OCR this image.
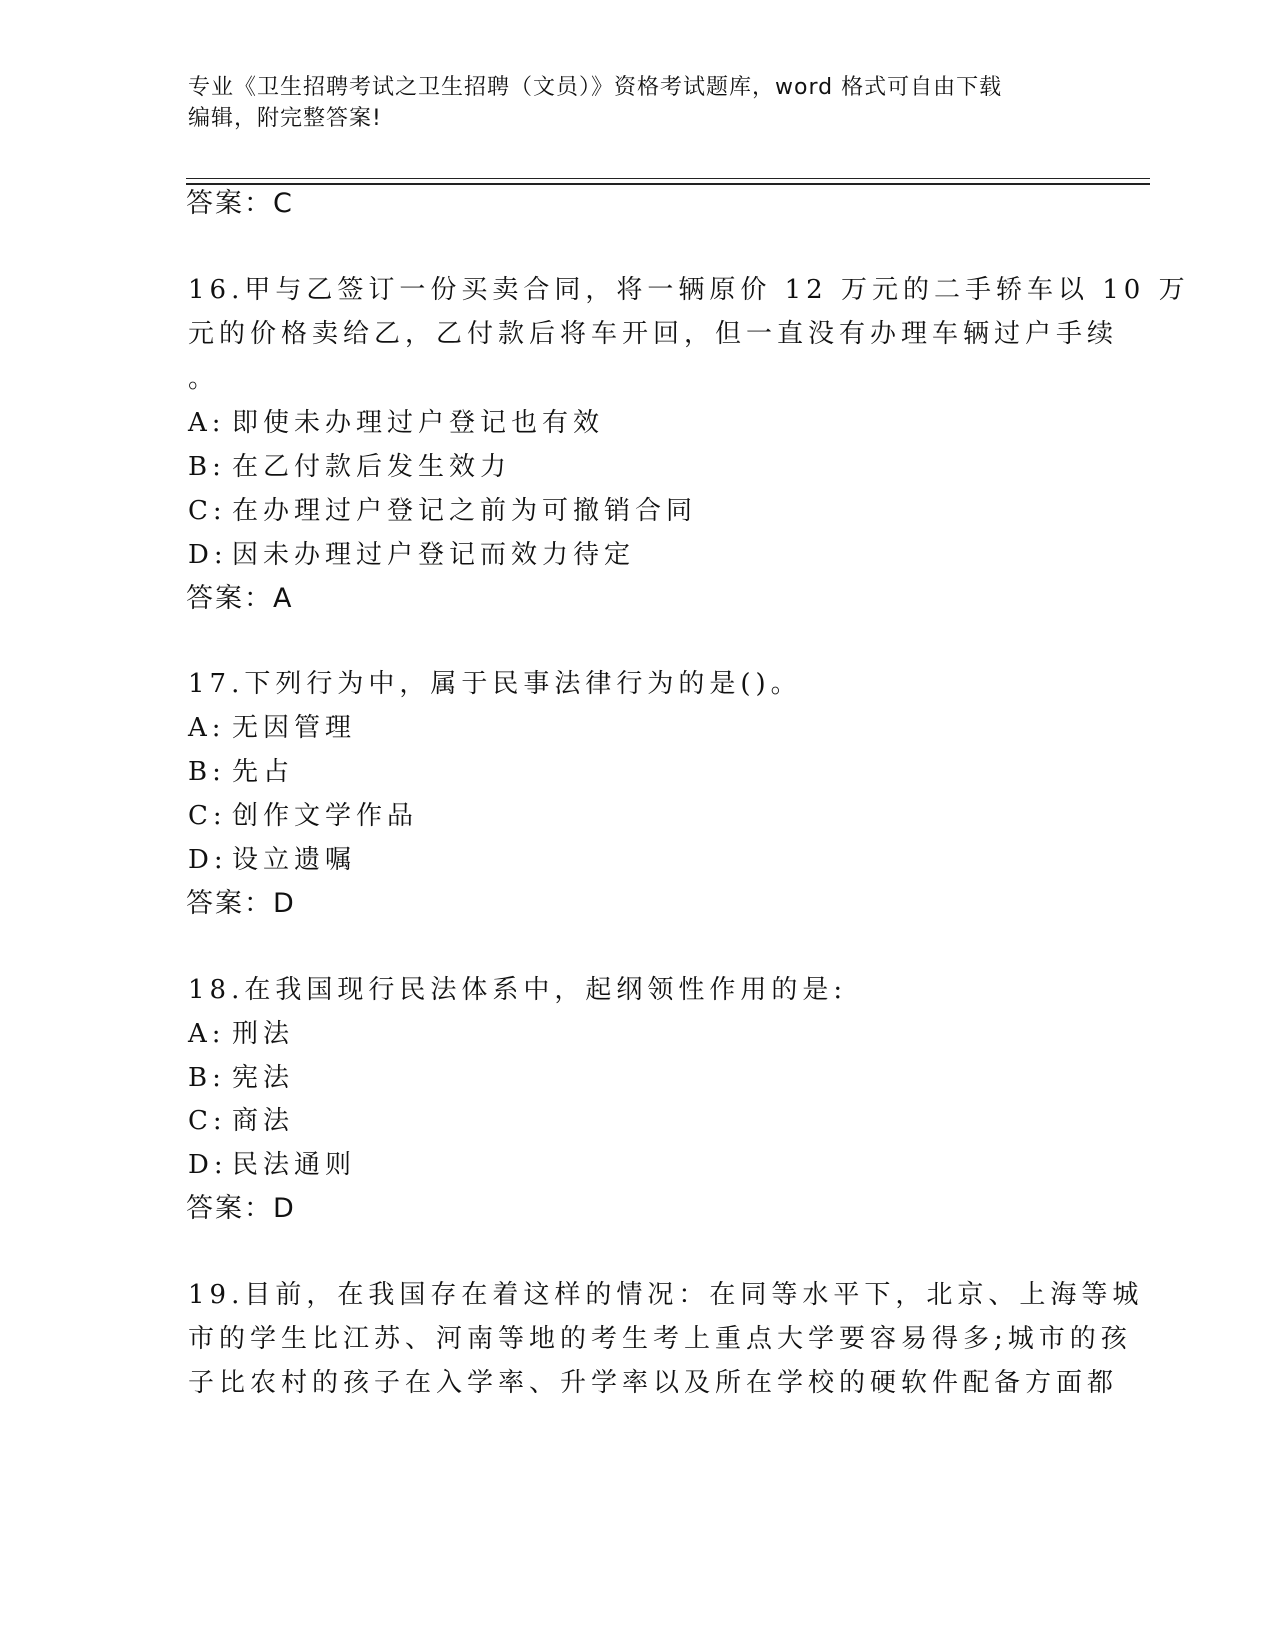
专业《卫生招聘考试之卫生招聘（文员）》资格考试题库，word 格式可自由下载
编辑，附完整答案!
答案：C
16.甲与乙签订一份买卖合同，将一辆原价 12 万元的二手轿车以 10 万
元的价格卖给乙，乙付款后将车开回，但一直没有办理车辆过户手续
。
A: 即使未办理过户登记也有效
B: 在乙付款后发生效力
C: 在办理过户登记之前为可撤销合同
D: 因未办理过户登记而效力待定
答案：A
17.下列行为中，属于民事法律行为的是()。
A: 无因管理
B: 先占
C: 创作文学作品
D: 设立遗嘱
答案：D
18.在我国现行民法体系中，起纲领性作用的是:
A: 刑法
B: 宪法
C: 商法
D: 民法通则
答案：D
19.目前，在我国存在着这样的情况：在同等水平下，北京、上海等城
市的学生比江苏、河南等地的考生考上重点大学要容易得多;城市的孩
子比农村的孩子在入学率、升学率以及所在学校的硬软件配备方面都
